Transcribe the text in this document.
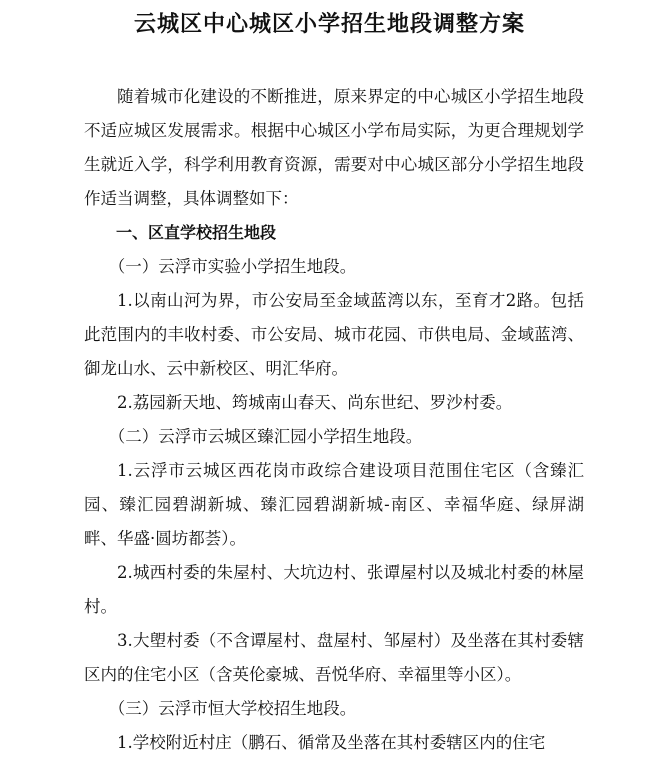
云城区中心城区小学招生地段调整方案

随着城市化建设的不断推进，原来界定的中心城区小学招生地段不适应城区发展需求。根据中心城区小学布局实际，为更合理规划学生就近入学，科学利用教育资源，需要对中心城区部分小学招生地段作适当调整，具体调整如下：

一、区直学校招生地段

（一）云浮市实验小学招生地段。

1.以南山河为界，市公安局至金域蓝湾以东，至育才2路。包括此范围内的丰收村委、市公安局、城市花园、市供电局、金域蓝湾、御龙山水、云中新校区、明汇华府。

2.荔园新天地、筠城南山春天、尚东世纪、罗沙村委。

（二）云浮市云城区臻汇园小学招生地段。

1.云浮市云城区西花岗市政综合建设项目范围住宅区（含臻汇园、臻汇园碧湖新城、臻汇园碧湖新城-南区、幸福华庭、绿屏湖畔、华盛·圆坊都荟）。

2.城西村委的朱屋村、大坑边村、张谭屋村以及城北村委的林屋村。

3.大塱村委（不含谭屋村、盘屋村、邹屋村）及坐落在其村委辖区内的住宅小区（含英伦豪城、吾悦华府、幸福里等小区）。

（三）云浮市恒大学校招生地段。

1.学校附近村庄（鹏石、循常及坐落在其村委辖区内的住宅
